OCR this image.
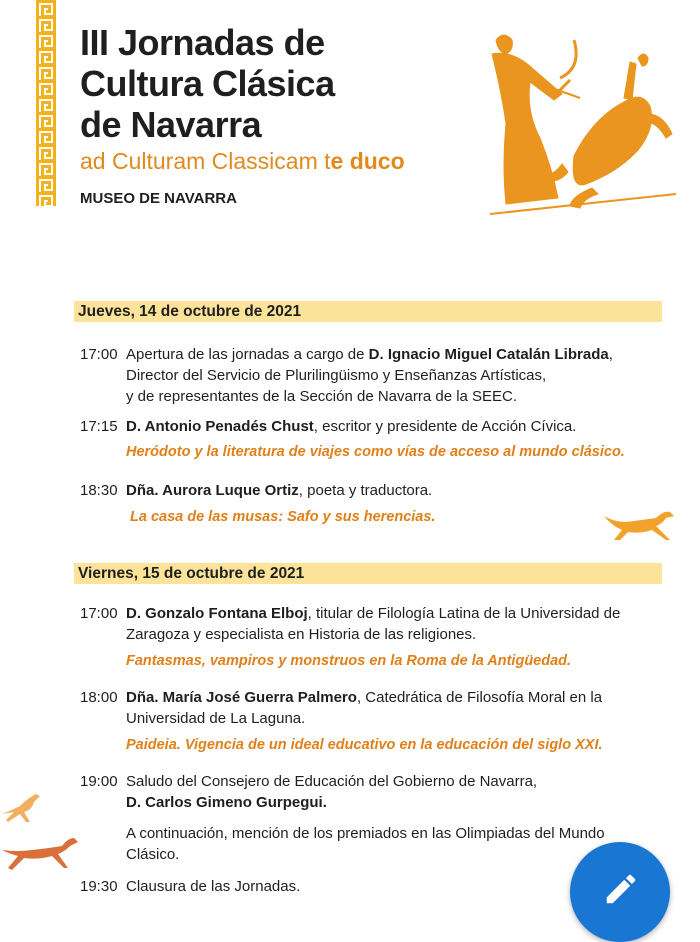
III Jornadas de
Cultura Clásica
de Navarra
ad Culturam Classicam te duco
MUSEO DE NAVARRA
Jueves, 14 de octubre de 2021
17:00 Apertura de las jornadas a cargo de D. Ignacio Miguel Catalán Librada,
Director del Servicio de Plurilingüismo y Enseñanzas Artísticas,
y de representantes de la Sección de Navarra de la SEEC.
17:15 D. Antonio Penadés Chust, escritor y presidente de Acción Cívica.
Heródoto y la literatura de viajes como vías de acceso al mundo clásico.
18:30 Dña. Aurora Luque Ortiz, poeta y traductora.
La casa de las musas: Safo y sus herencias.
Viernes, 15 de octubre de 2021
17:00 D. Gonzalo Fontana Elboj, titular de Filología Latina de la Universidad de
Zaragoza y especialista en Historia de las religiones.
Fantasmas, vampiros y monstruos en la Roma de la Antigüedad.
18:00 Dña. María José Guerra Palmero, Catedrática de Filosofía Moral en la
Universidad de La Laguna.
Paideia. Vigencia de un ideal educativo en la educación del siglo XXI.
19:00 Saludo del Consejero de Educación del Gobierno de Navarra,
D. Carlos Gimeno Gurpegui.
A continuación, mención de los premiados en las Olimpiadas del Mundo
Clásico.
19:30 Clausura de las Jornadas.
